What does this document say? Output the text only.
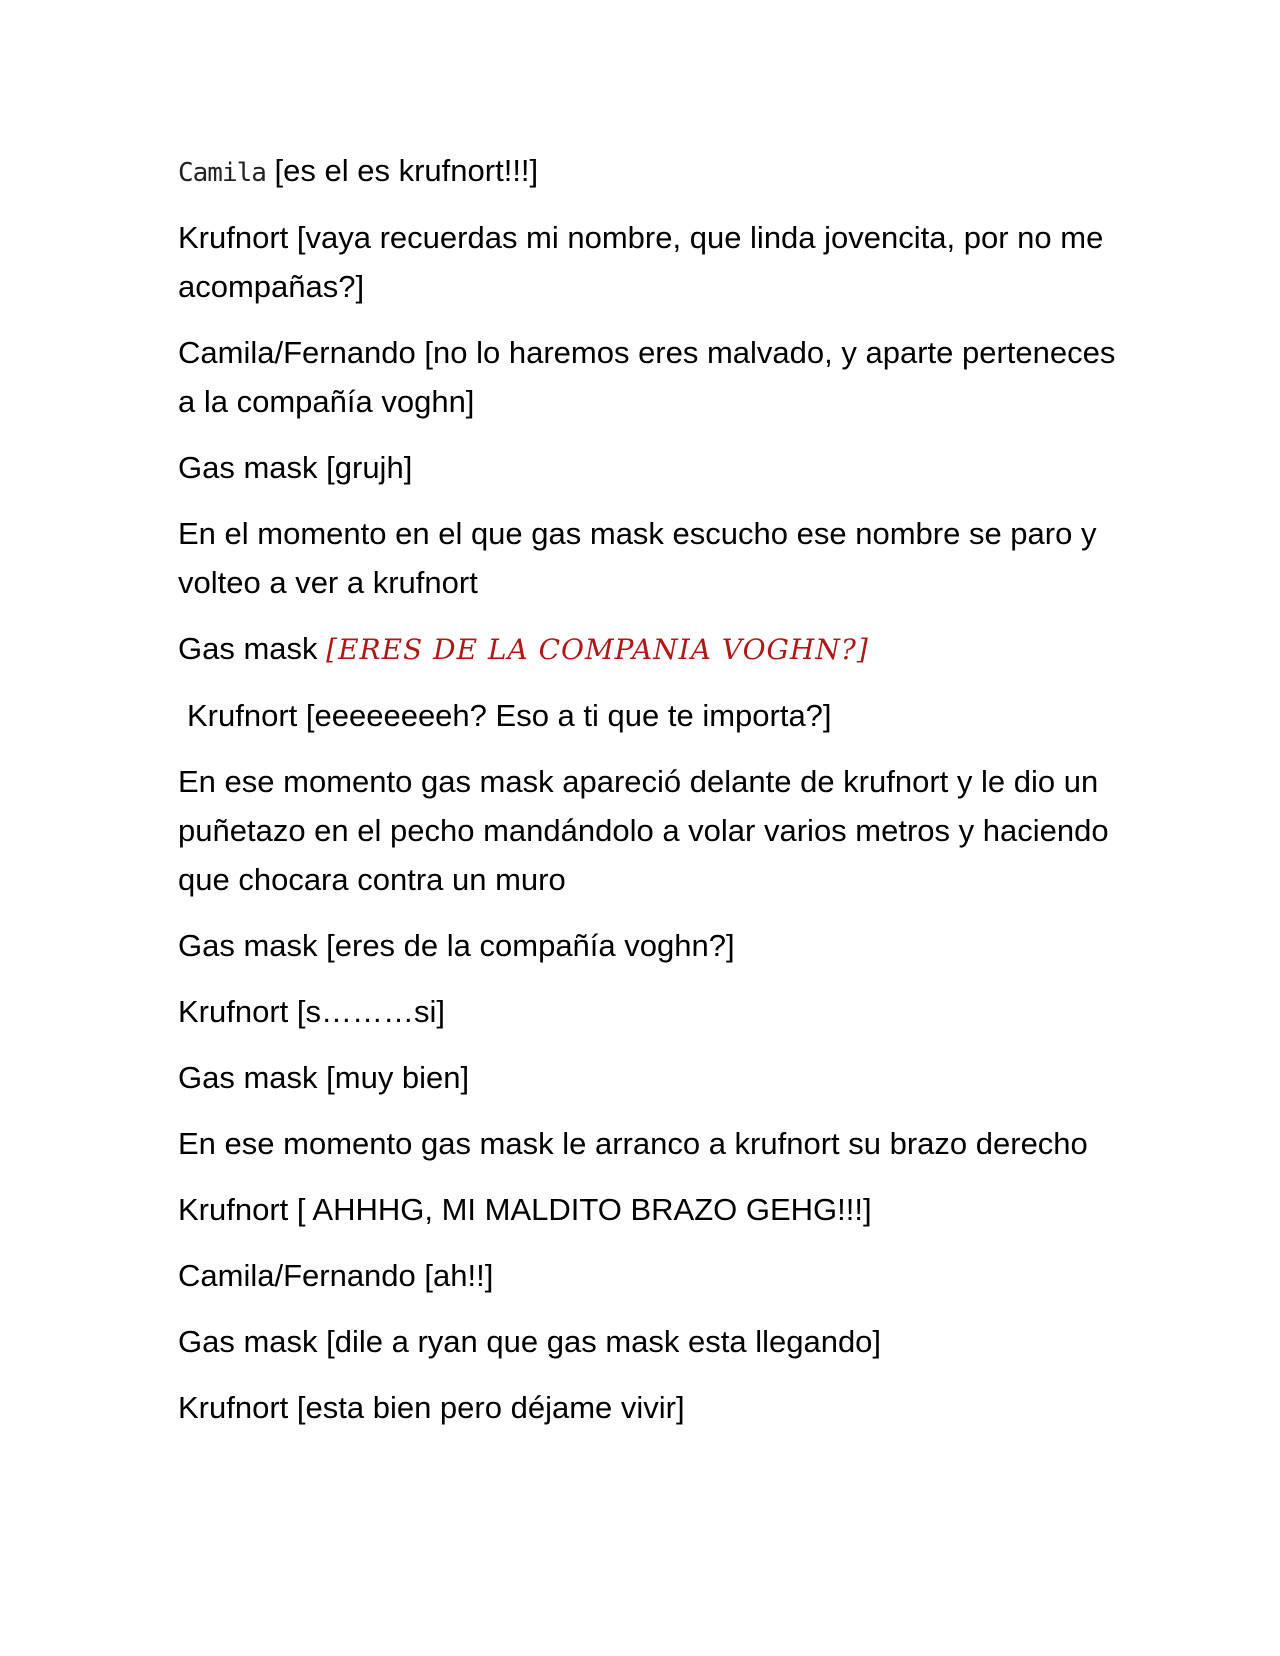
Camila [es el es krufnort!!!]

Krufnort [vaya recuerdas mi nombre, que linda jovencita, por no me acompañas?]

Camila/Fernando [no lo haremos eres malvado, y aparte perteneces a la compañía voghn]

Gas mask [grujh]

En el momento en el que gas mask escucho ese nombre se paro y volteo a ver a krufnort

Gas mask [ERES DE LA COMPANIA VOGHN?]

Krufnort [eeeeeeeeh? Eso a ti que te importa?]

En ese momento gas mask apareció delante de krufnort y le dio un puñetazo en el pecho mandándolo a volar varios metros y haciendo que chocara contra un muro

Gas mask [eres de la compañía voghn?]

Krufnort [s………si]

Gas mask [muy bien]

En ese momento gas mask le arranco a krufnort su brazo derecho

Krufnort [ AHHHG, MI MALDITO BRAZO GEHG!!!]

Camila/Fernando [ah!!]

Gas mask [dile a ryan que gas mask esta llegando]

Krufnort [esta bien pero déjame vivir]
